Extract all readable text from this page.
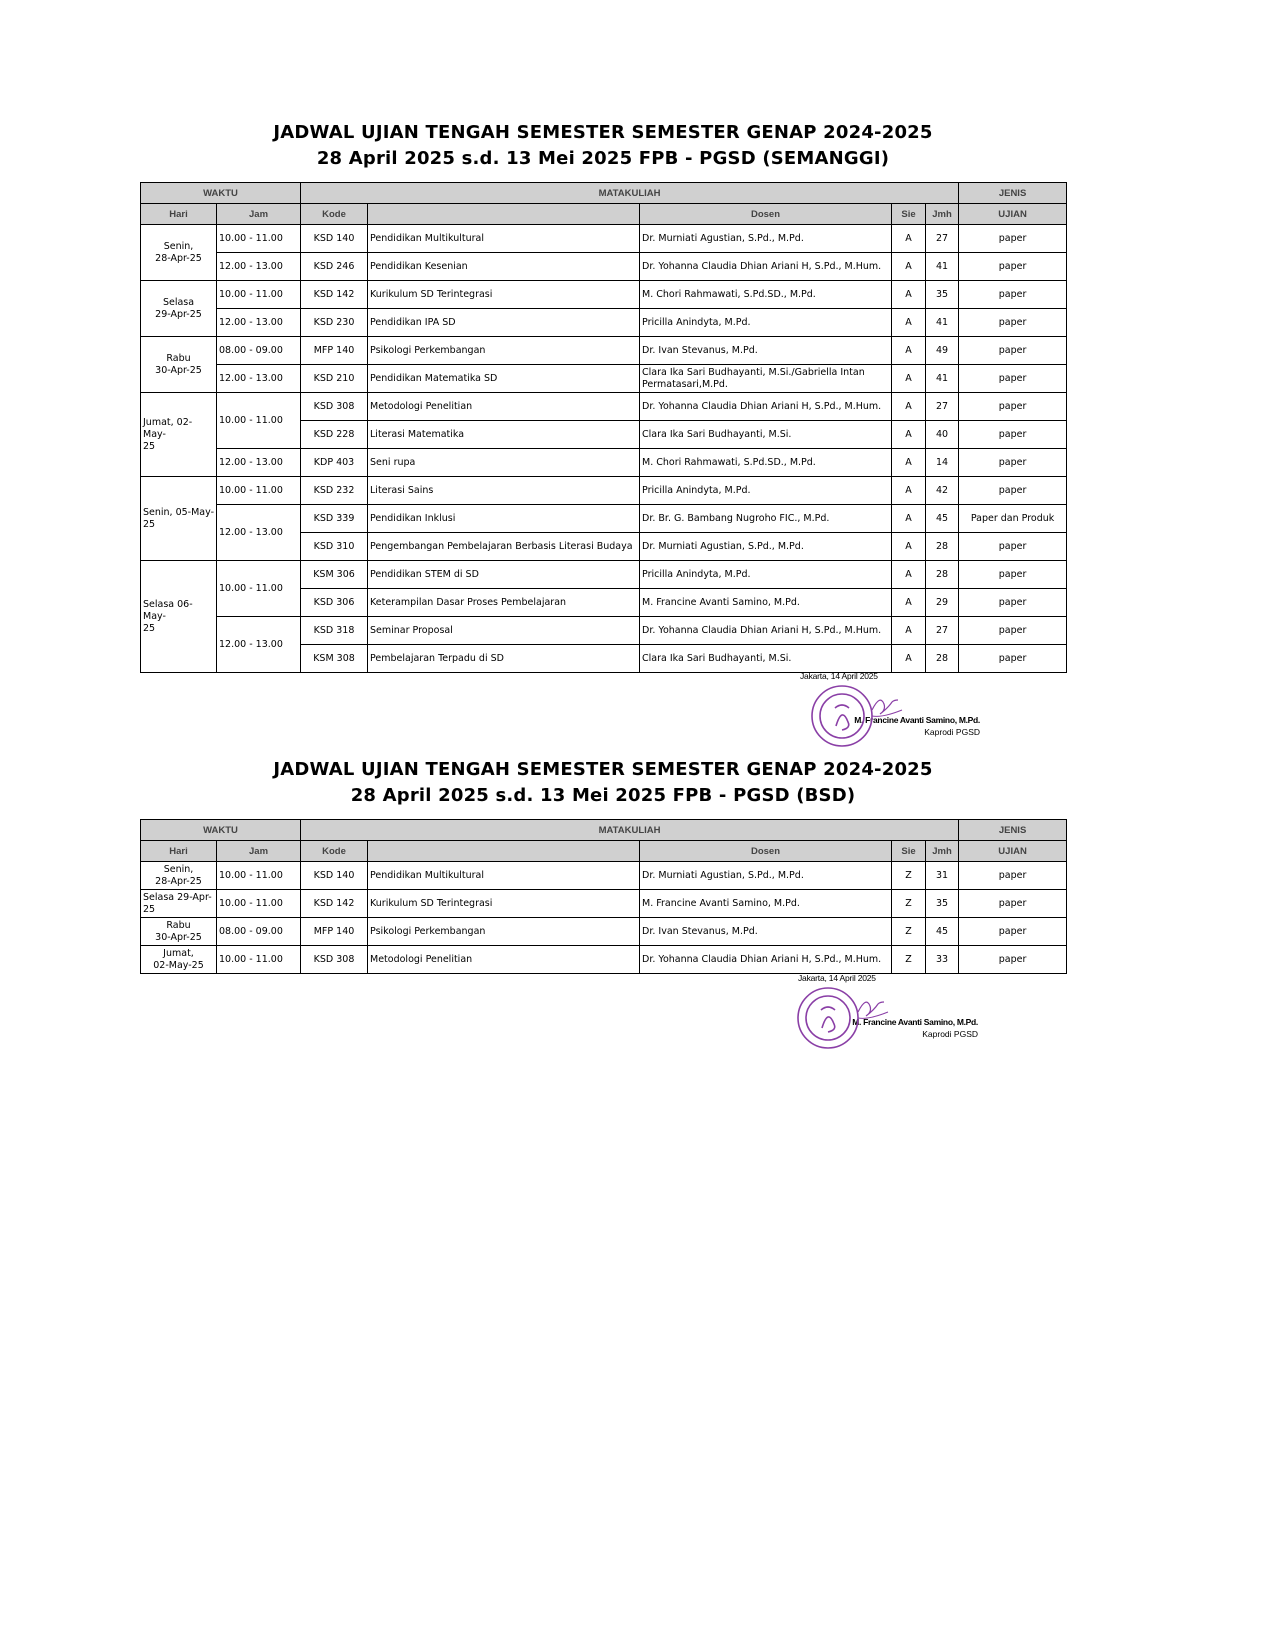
JADWAL UJIAN TENGAH SEMESTER SEMESTER GENAP 2024-2025
28 April 2025 s.d. 13 Mei 2025 FPB - PGSD (SEMANGGI)
WAKTU		MATAKULIAH					JENIS
Hari	Jam	Kode		Dosen	Sie	Jmh	UJIAN
Senin,
28-Apr-25	10.00 - 11.00	KSD 140	Pendidikan Multikultural	Dr. Murniati Agustian, S.Pd., M.Pd.	A	27	paper
	12.00 - 13.00	KSD 246	Pendidikan Kesenian	Dr. Yohanna Claudia Dhian Ariani H, S.Pd., M.Hum.	A	41	paper
Selasa
29-Apr-25	10.00 - 11.00	KSD 142	Kurikulum SD Terintegrasi	M. Chori Rahmawati, S.Pd.SD., M.Pd.	A	35	paper
	12.00 - 13.00	KSD 230	Pendidikan IPA SD	Pricilla Anindyta, M.Pd.	A	41	paper
Rabu
30-Apr-25	08.00 - 09.00	MFP 140	Psikologi Perkembangan	Dr. Ivan Stevanus, M.Pd.	A	49	paper
	12.00 - 13.00	KSD 210	Pendidikan Matematika SD	Clara Ika Sari Budhayanti, M.Si./Gabriella Intan Permatasari,M.Pd.	A	41	paper
Jumat, 02-May-
25	10.00 - 11.00	KSD 308	Metodologi Penelitian	Dr. Yohanna Claudia Dhian Ariani H, S.Pd., M.Hum.	A	27	paper
		KSD 228	Literasi Matematika	Clara Ika Sari Budhayanti, M.Si.	A	40	paper
	12.00 - 13.00	KDP 403	Seni rupa	M. Chori Rahmawati, S.Pd.SD., M.Pd.	A	14	paper
Senin, 05-May-
25	10.00 - 11.00	KSD 232	Literasi Sains	Pricilla Anindyta, M.Pd.	A	42	paper
	12.00 - 13.00	KSD 339	Pendidikan Inklusi	Dr. Br. G. Bambang Nugroho FIC., M.Pd.	A	45	Paper dan Produk
		KSD 310	Pengembangan Pembelajaran Berbasis Literasi Budaya	Dr. Murniati Agustian, S.Pd., M.Pd.	A	28	paper
Selasa 06-May-
25	10.00 - 11.00	KSM 306	Pendidikan STEM di SD	Pricilla Anindyta, M.Pd.	A	28	paper
		KSD 306	Keterampilan Dasar Proses Pembelajaran	M. Francine Avanti Samino, M.Pd.	A	29	paper
	12.00 - 13.00	KSD 318	Seminar Proposal	Dr. Yohanna Claudia Dhian Ariani H, S.Pd., M.Hum.	A	27	paper
		KSM 308	Pembelajaran Terpadu di SD	Clara Ika Sari Budhayanti, M.Si.	A	28	paper
Jakarta, 14 April 2025
M. Francine Avanti Samino, M.Pd.
Kaprodi PGSD
JADWAL UJIAN TENGAH SEMESTER SEMESTER GENAP 2024-2025
28 April 2025 s.d. 13 Mei 2025 FPB - PGSD (BSD)
WAKTU		MATAKULIAH					JENIS
Hari	Jam	Kode		Dosen	Sie	Jmh	UJIAN
Senin,
28-Apr-25	10.00 - 11.00	KSD 140	Pendidikan Multikultural	Dr. Murniati Agustian, S.Pd., M.Pd.	Z	31	paper
Selasa 29-Apr-
25	10.00 - 11.00	KSD 142	Kurikulum SD Terintegrasi	M. Francine Avanti Samino, M.Pd.	Z	35	paper
Rabu
30-Apr-25	08.00 - 09.00	MFP 140	Psikologi Perkembangan	Dr. Ivan Stevanus, M.Pd.	Z	45	paper
Jumat,
02-May-25	10.00 - 11.00	KSD 308	Metodologi Penelitian	Dr. Yohanna Claudia Dhian Ariani H, S.Pd., M.Hum.	Z	33	paper
Jakarta, 14 April 2025
M. Francine Avanti Samino, M.Pd.
Kaprodi PGSD
